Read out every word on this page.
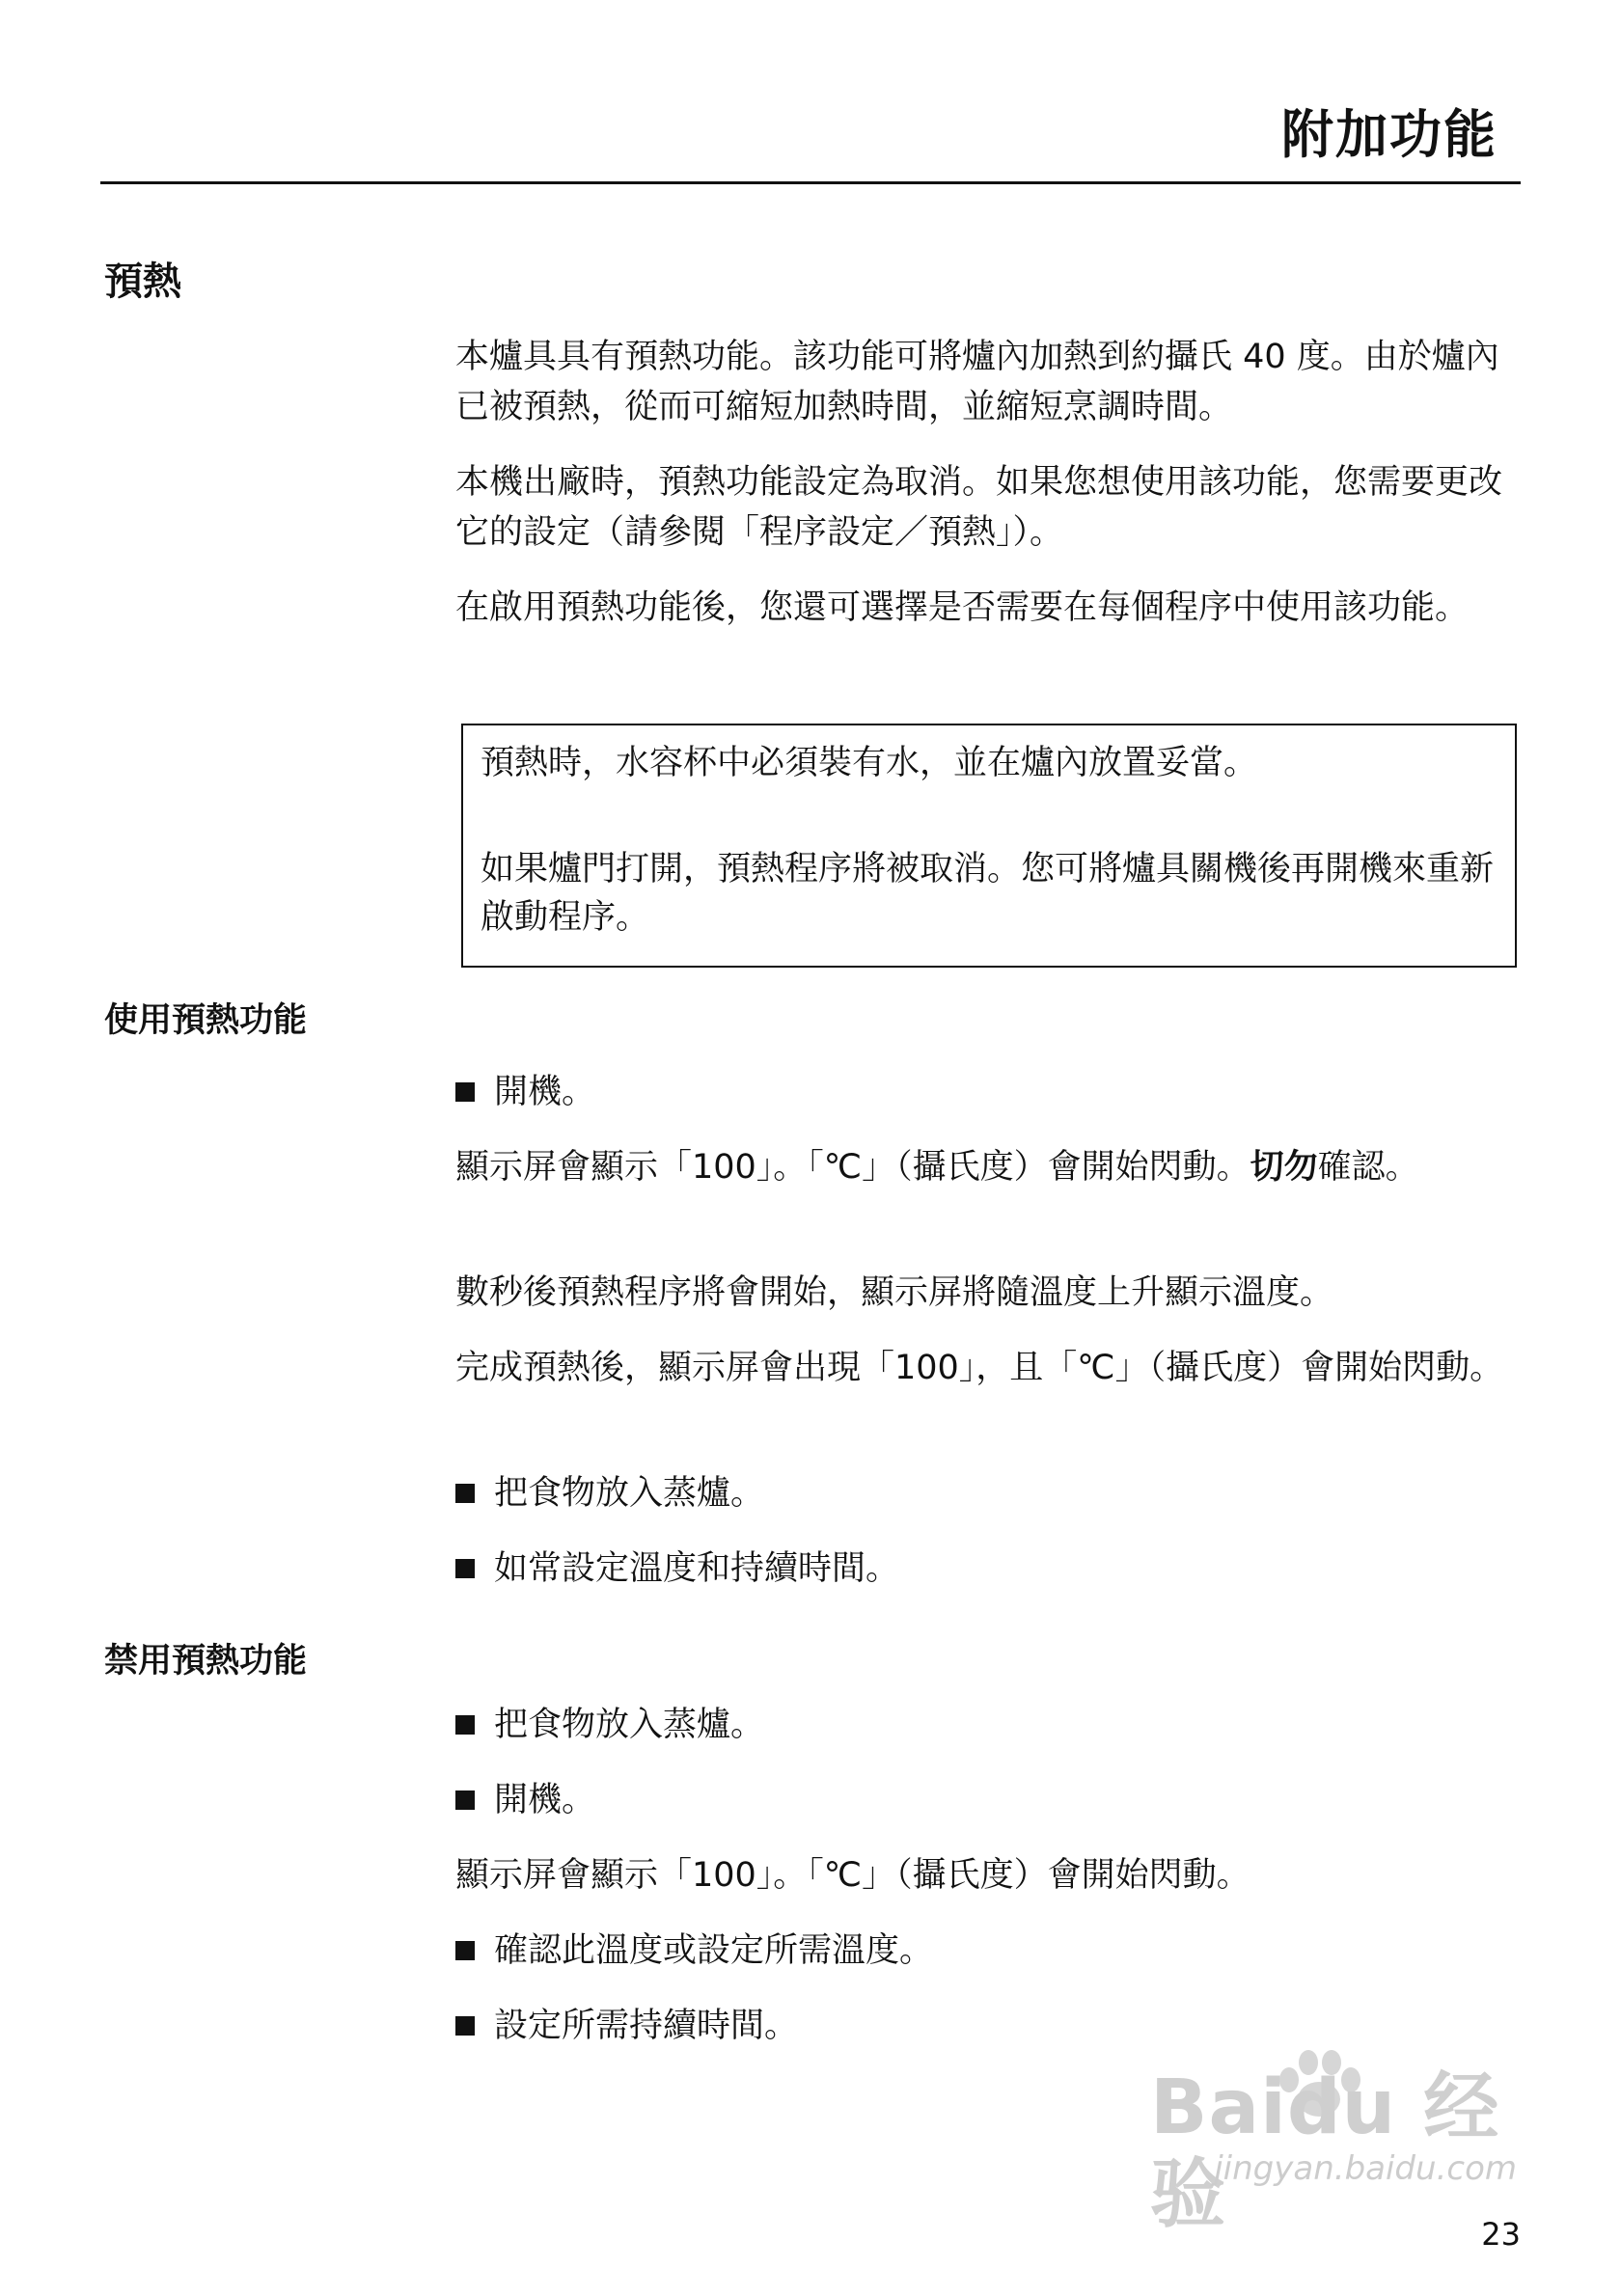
附加功能
預熱
本爐具具有預熱功能。該功能可將爐內加熱到約攝氏 40 度。由於爐內已被預熱，從而可縮短加熱時間，並縮短烹調時間。
本機出廠時，預熱功能設定為取消。如果您想使用該功能，您需要更改它的設定（請參閱「程序設定／預熱」）。
在啟用預熱功能後，您還可選擇是否需要在每個程序中使用該功能。
預熱時，水容杯中必須裝有水，並在爐內放置妥當。
如果爐門打開，預熱程序將被取消。您可將爐具關機後再開機來重新啟動程序。
使用預熱功能
開機。
顯示屏會顯示「100」。「℃」（攝氏度）會開始閃動。切勿確認。
數秒後預熱程序將會開始，顯示屏將隨溫度上升顯示溫度。
完成預熱後，顯示屏會出現「100」，且「℃」（攝氏度）會開始閃動。
把食物放入蒸爐。
如常設定溫度和持續時間。
禁用預熱功能
把食物放入蒸爐。
開機。
顯示屏會顯示「100」。「℃」（攝氏度）會開始閃動。
確認此溫度或設定所需溫度。
設定所需持續時間。
Baidu 经验
jingyan.baidu.com
23
